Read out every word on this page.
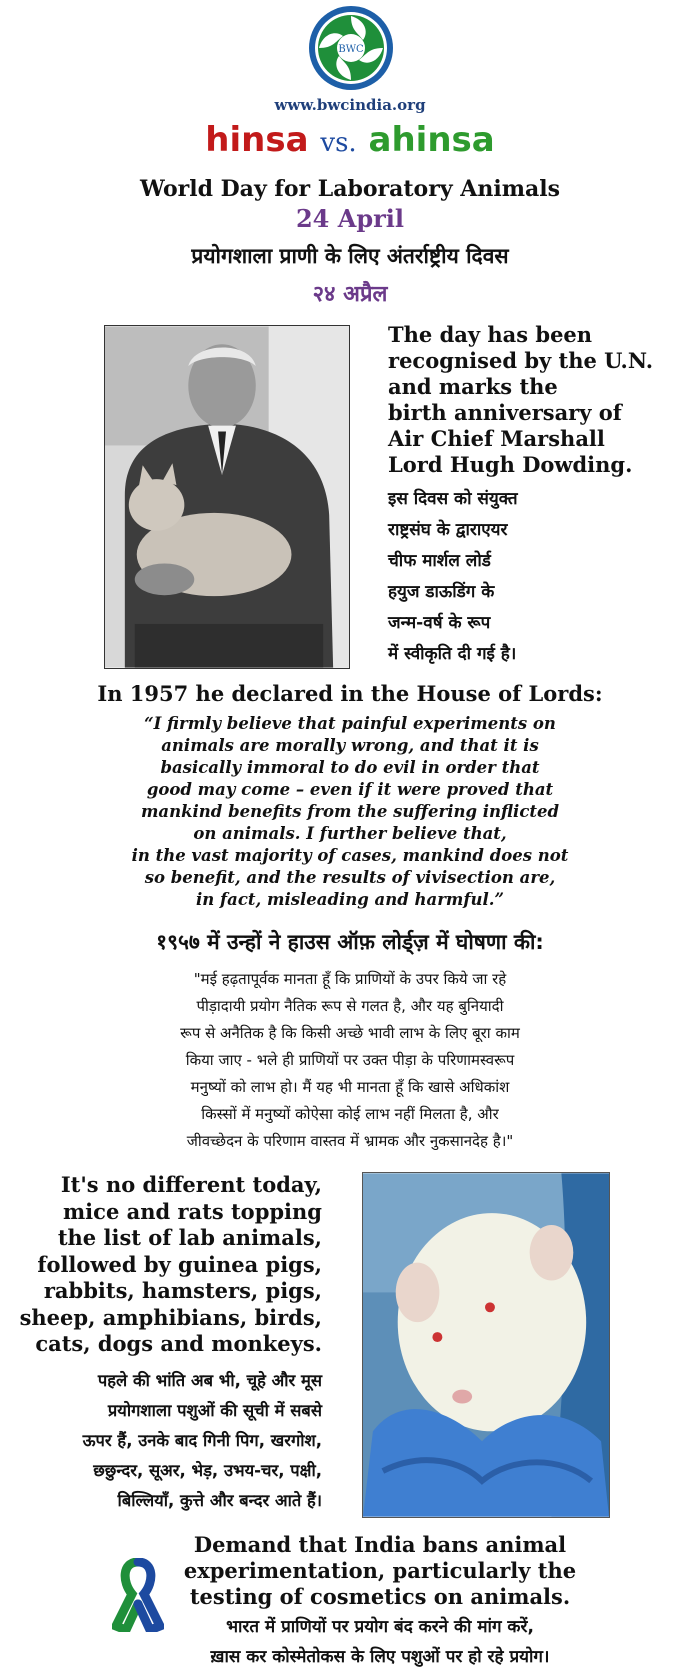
BWC
www.bwcindia.org
hinsa vs. ahinsa
World Day for Laboratory Animals
24 April
प्रयोगशाला प्राणी के लिए अंतर्राष्ट्रीय दिवस
२४ अप्रैल
The day has been
recognised by the U.N.
and marks the
birth anniversary of
Air Chief Marshall
Lord Hugh Dowding.
इस दिवस को संयुक्त
राष्ट्रसंघ के द्वाराएयर
चीफ मार्शल लोर्ड
हयुज डाऊडिंग के
जन्म-वर्ष के रूप
में स्वीकृति दी गई है।
In 1957 he declared in the House of Lords:
“I firmly believe that painful experiments on
animals are morally wrong, and that it is
basically immoral to do evil in order that
good may come – even if it were proved that
mankind benefits from the suffering inflicted
on animals. I further believe that,
in the vast majority of cases, mankind does not
so benefit, and the results of vivisection are,
in fact, misleading and harmful.”
१९५७ में उन्हों ने हाउस ऑफ़ लोर्ड्ज़ में घोषणा की:
"मई हढ़तापूर्वक मानता हूँ कि प्राणियों के उपर किये जा रहे
पीड़ादायी प्रयोग नैतिक रूप से गलत है, और यह बुनियादी
रूप से अनैतिक है कि किसी अच्छे भावी लाभ के लिए बूरा काम
किया जाए - भले ही प्राणियों पर उक्त पीड़ा के परिणामस्वरूप
मनुष्यों को लाभ हो। मैं यह भी मानता हूँ कि खासे अधिकांश
किस्सों में मनुष्यों कोऐसा कोई लाभ नहीं मिलता है, और
जीवच्छेदन के परिणाम वास्तव में भ्रामक और नुकसानदेह है।"
It's no different today,
mice and rats topping
the list of lab animals,
followed by guinea pigs,
rabbits, hamsters, pigs,
sheep, amphibians, birds,
cats, dogs and monkeys.
पहले की भांति अब भी, चूहे और मूस
प्रयोगशाला पशुओं की सूची में सबसे
ऊपर हैं, उनके बाद गिनी पिग, खरगोश,
छछुन्दर, सूअर, भेड़, उभय-चर, पक्षी,
बिल्लियाँ, कुत्ते और बन्दर आते हैं।
Demand that India bans animal
experimentation, particularly the
testing of cosmetics on animals.
भारत में प्राणियों पर प्रयोग बंद करने की मांग करें,
ख़ास कर कोस्मेतोकस के लिए पशुओं पर हो रहे प्रयोग।
